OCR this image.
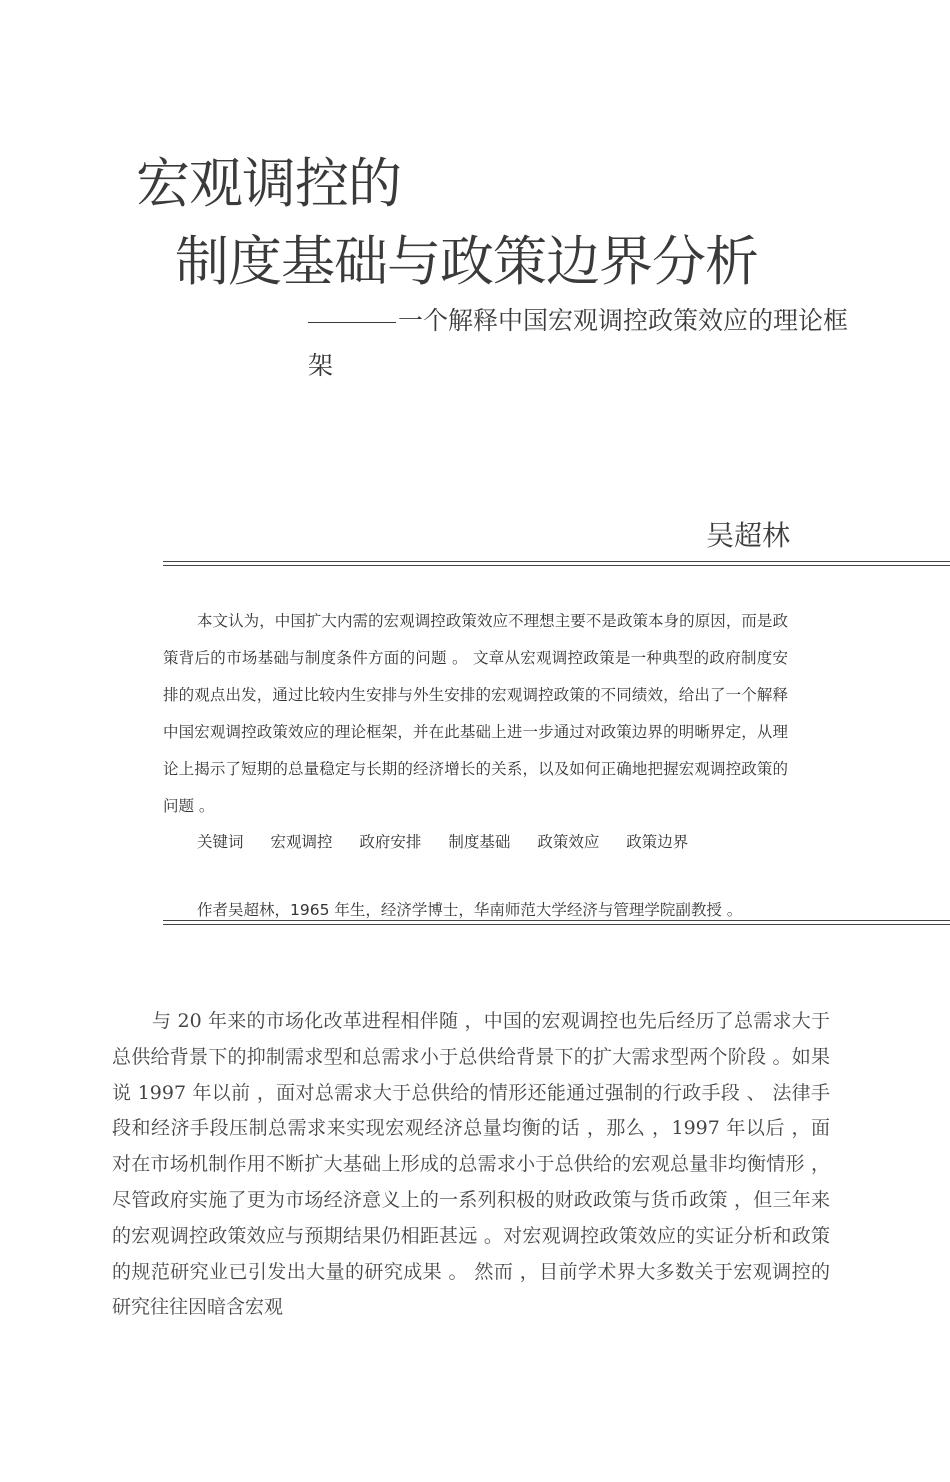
宏观调控的
制度基础与政策边界分析
一个解释中国宏观调控政策效应的理论框架
吴超林

本文认为，中国扩大内需的宏观调控政策效应不理想主要不是政策本身的原因，而是政策背后的市场基础与制度条件方面的问题 。 文章从宏观调控政策是一种典型的政府制度安排的观点出发，通过比较内生安排与外生安排的宏观调控政策的不同绩效，给出了一个解释中国宏观调控政策效应的理论框架，并在此基础上进一步通过对政策边界的明晰界定，从理论上揭示了短期的总量稳定与长期的经济增长的关系，以及如何正确地把握宏观调控政策的问题 。

关键词 宏观调控 政府安排 制度基础 政策效应 政策边界
作者吴超林，1965 年生，经济学博士，华南师范大学经济与管理学院副教授 。

与 20 年来的市场化改革进程相伴随 ，中国的宏观调控也先后经历了总需求大于总供给背景下的抑制需求型和总需求小于总供给背景下的扩大需求型两个阶段 。如果说 1997 年以前 ，面对总需求大于总供给的情形还能通过强制的行政手段 、 法律手段和经济手段压制总需求来实现宏观经济总量均衡的话 ，那么 ，1997 年以后 ，面对在市场机制作用不断扩大基础上形成的总需求小于总供给的宏观总量非均衡情形 ，尽管政府实施了更为市场经济意义上的一系列积极的财政政策与货币政策 ，但三年来的宏观调控政策效应与预期结果仍相距甚远 。对宏观调控政策效应的实证分析和政策的规范研究业已引发出大量的研究成果 。 然而 ，目前学术界大多数关于宏观调控的研究往往因暗含宏观
